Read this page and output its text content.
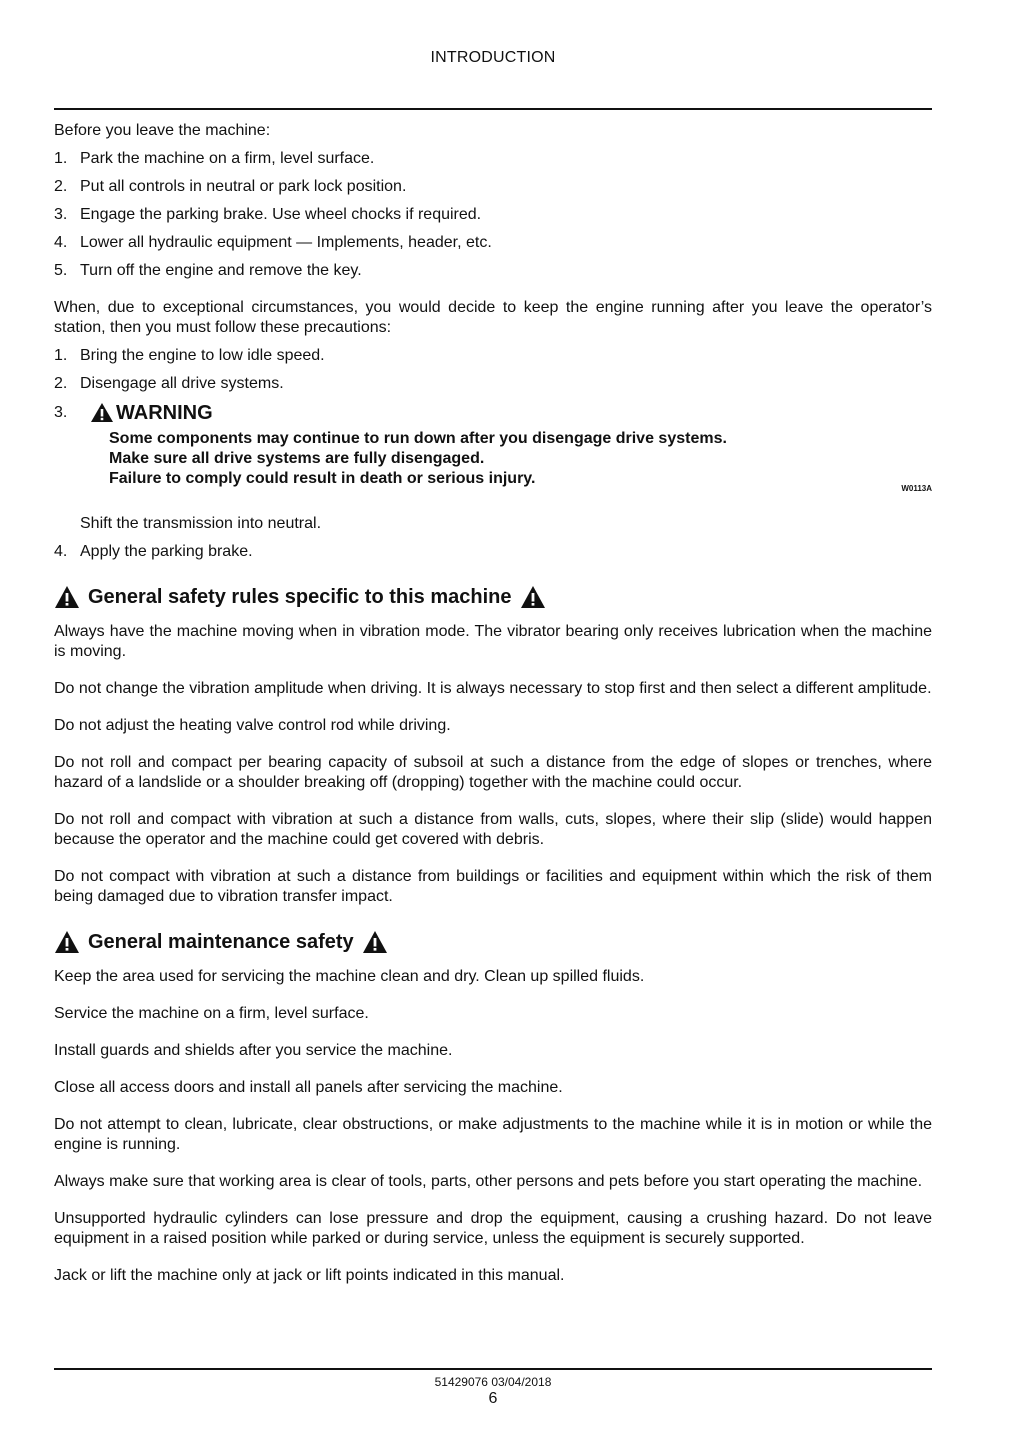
INTRODUCTION

Before you leave the machine:

1. Park the machine on a firm, level surface.
2. Put all controls in neutral or park lock position.
3. Engage the parking brake. Use wheel chocks if required.
4. Lower all hydraulic equipment — Implements, header, etc.
5. Turn off the engine and remove the key.

When, due to exceptional circumstances, you would decide to keep the engine running after you leave the operator’s station, then you must follow these precautions:

1. Bring the engine to low idle speed.
2. Disengage all drive systems.
3.	WARNING
Some components may continue to run down after you disengage drive systems.
Make sure all drive systems are fully disengaged.
Failure to comply could result in death or serious injury.
W0113A

Shift the transmission into neutral.

4. Apply the parking brake.
General safety rules specific to this machine

Always have the machine moving when in vibration mode. The vibrator bearing only receives lubrication when the machine is moving.

Do not change the vibration amplitude when driving. It is always necessary to stop first and then select a different amplitude.

Do not adjust the heating valve control rod while driving.

Do not roll and compact per bearing capacity of subsoil at such a distance from the edge of slopes or trenches, where hazard of a landslide or a shoulder breaking off (dropping) together with the machine could occur.

Do not roll and compact with vibration at such a distance from walls, cuts, slopes, where their slip (slide) would happen because the operator and the machine could get covered with debris.

Do not compact with vibration at such a distance from buildings or facilities and equipment within which the risk of them being damaged due to vibration transfer impact.

General maintenance safety

Keep the area used for servicing the machine clean and dry. Clean up spilled fluids.

Service the machine on a firm, level surface.

Install guards and shields after you service the machine.

Close all access doors and install all panels after servicing the machine.

Do not attempt to clean, lubricate, clear obstructions, or make adjustments to the machine while it is in motion or while the engine is running.

Always make sure that working area is clear of tools, parts, other persons and pets before you start operating the machine.

Unsupported hydraulic cylinders can lose pressure and drop the equipment, causing a crushing hazard. Do not leave equipment in a raised position while parked or during service, unless the equipment is securely supported.

Jack or lift the machine only at jack or lift points indicated in this manual.

51429076 03/04/2018
6
